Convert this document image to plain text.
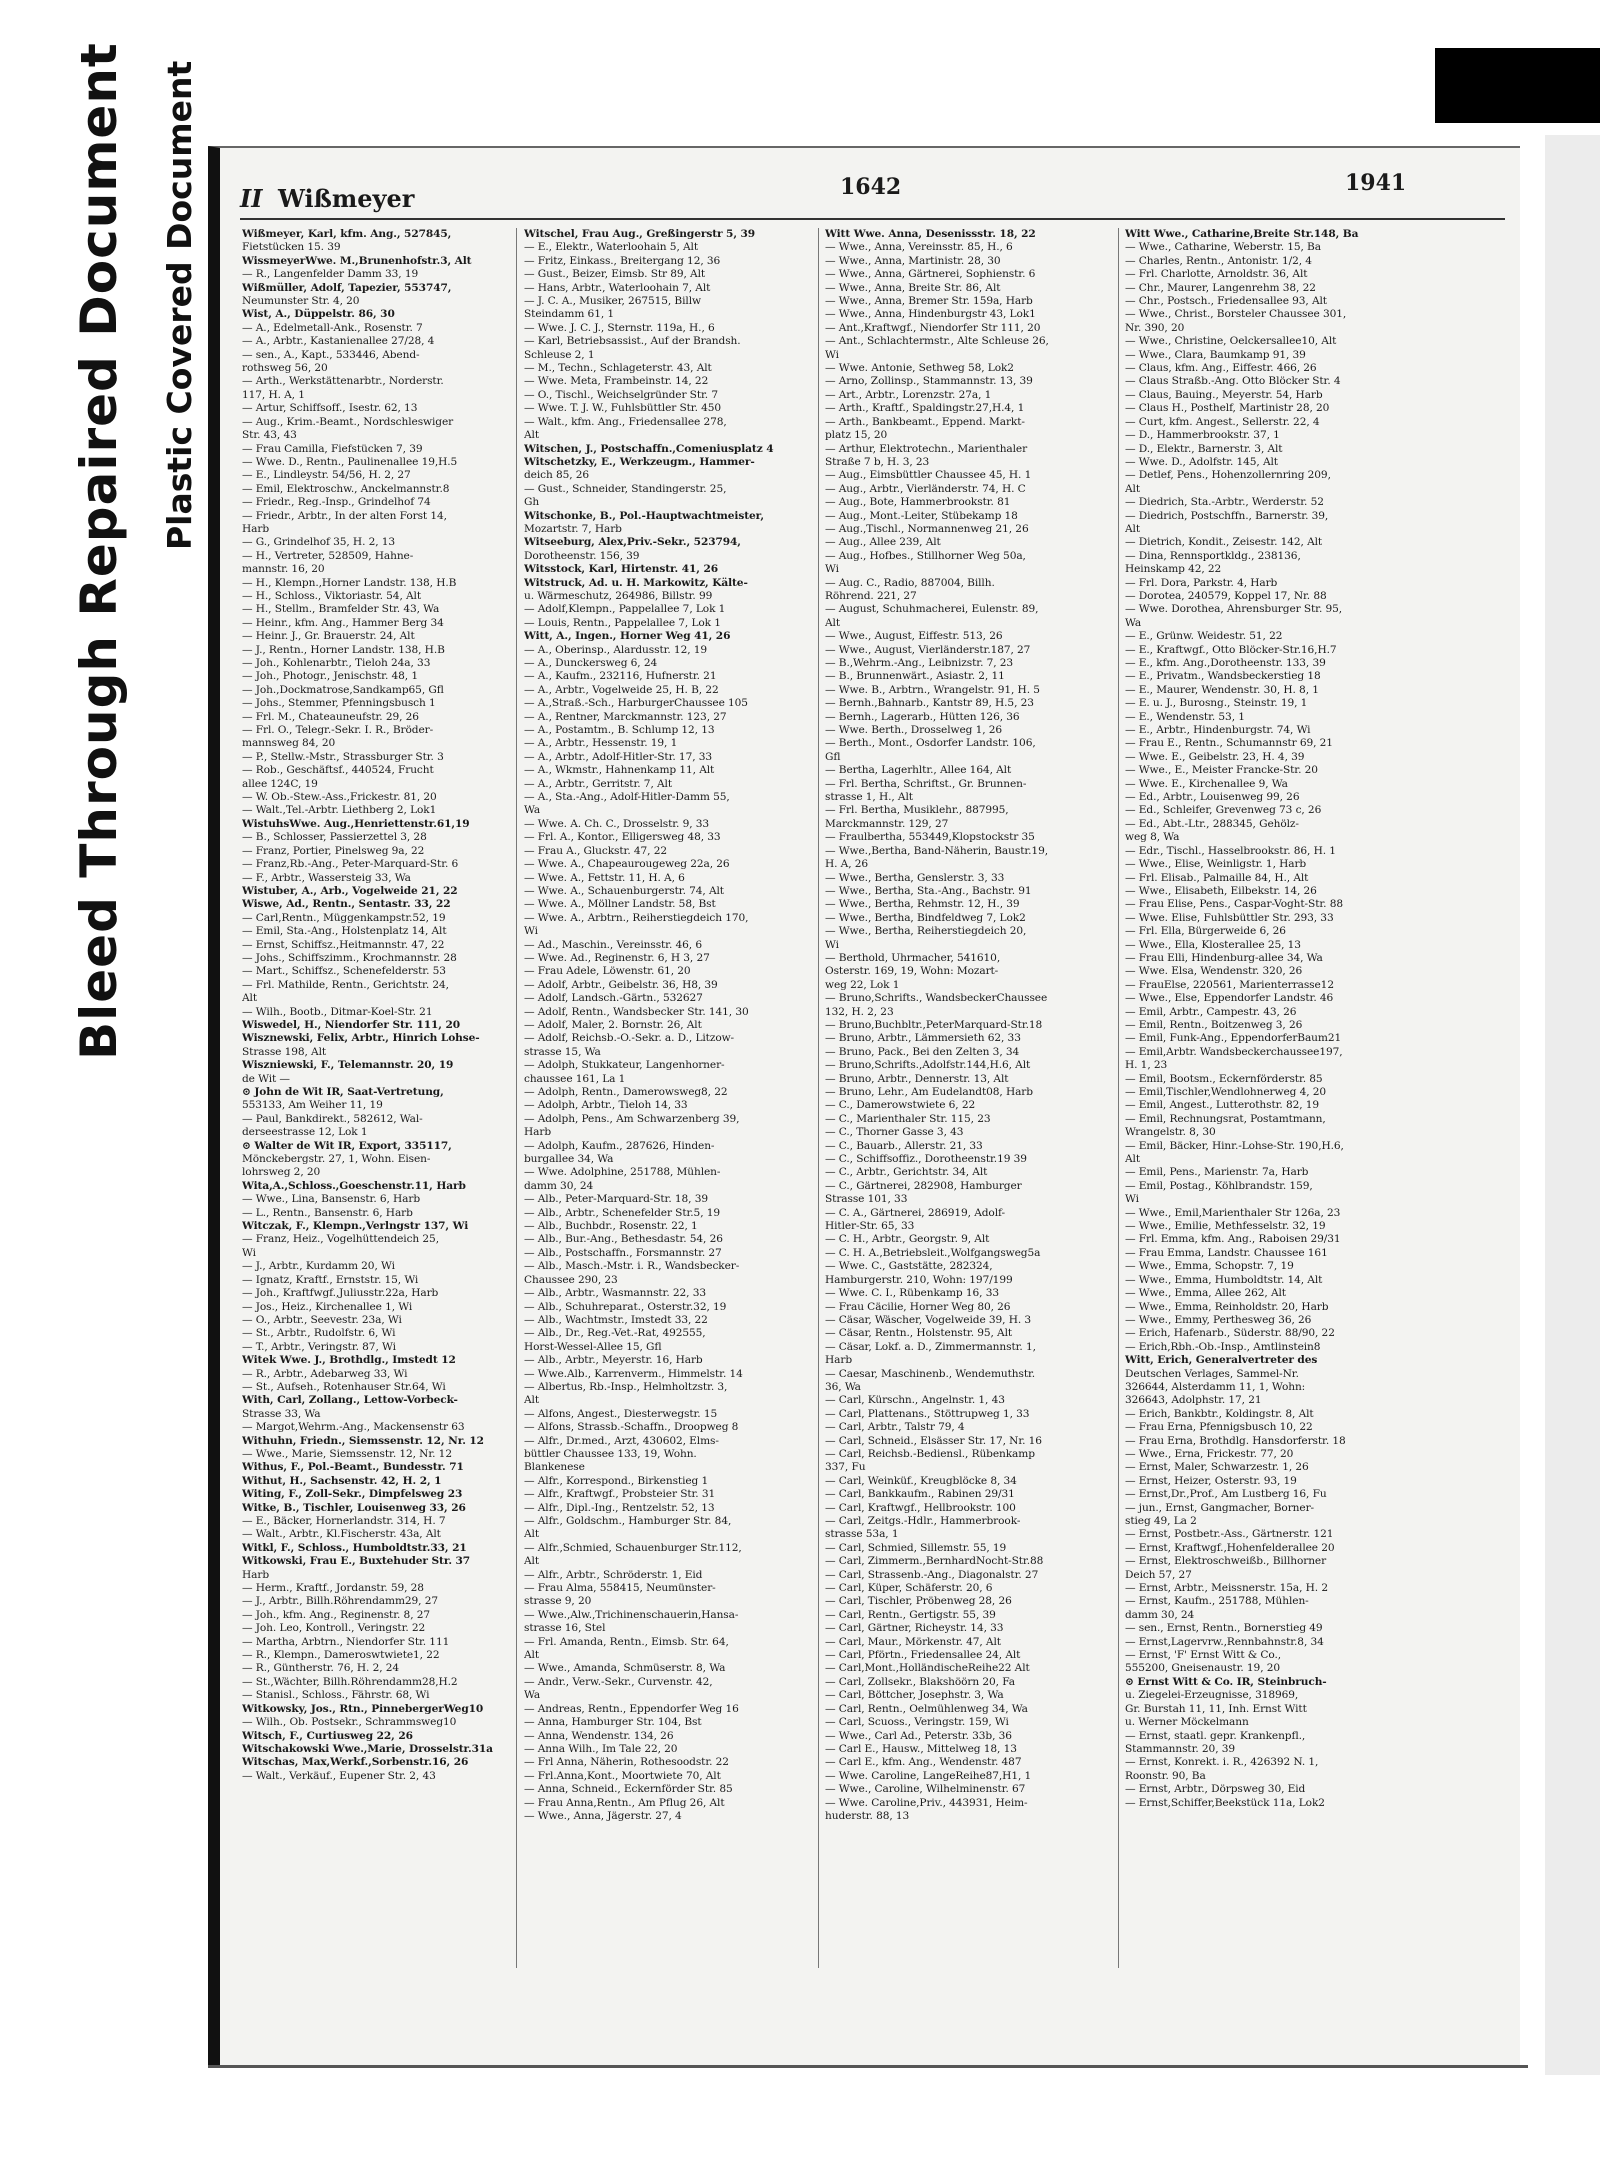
Bleed Through Repaired Document Plastic Covered Document II Wißmeyer	1642	1941
Wißmeyer, Karl, kfm. Ang., 527845,
Fietstücken 15. 39
WissmeyerWwe. M.,Brunenhofstr.3, Alt
— R., Langenfelder Damm 33, 19
Wißmüller, Adolf, Tapezier, 553747,
Neumunster Str. 4, 20
Wist, A., Düppelstr. 86, 30
— A., Edelmetall-Ank., Rosenstr. 7
— A., Arbtr., Kastanienallee 27/28, 4
— sen., A., Kapt., 533446, Abend-
rothsweg 56, 20
— Arth., Werkstättenarbtr., Norderstr.
117, H. A, 1
— Artur, Schiffsoff., Isestr. 62, 13
— Aug., Krim.-Beamt., Nordschleswiger
Str. 43, 43
— Frau Camilla, Fiefstücken 7, 39
— Wwe. D., Rentn., Paulinenallee 19,H.5
— E., Lindleystr. 54/56, H. 2, 27
— Emil, Elektroschw., Anckelmannstr.8
— Friedr., Reg.-Insp., Grindelhof 74
— Friedr., Arbtr., In der alten Forst 14,
Harb
— G., Grindelhof 35, H. 2, 13
— H., Vertreter, 528509, Hahne-
mannstr. 16, 20
— H., Klempn.,Horner Landstr. 138, H.B
— H., Schloss., Viktoriastr. 54, Alt
— H., Stellm., Bramfelder Str. 43, Wa
— Heinr., kfm. Ang., Hammer Berg 34
— Heinr. J., Gr. Brauerstr. 24, Alt
— J., Rentn., Horner Landstr. 138, H.B
— Joh., Kohlenarbtr., Tieloh 24a, 33
— Joh., Photogr., Jenischstr. 48, 1
— Joh.,Dockmatrose,Sandkamp65, Gfl
— Johs., Stemmer, Pfenningsbusch 1
— Frl. M., Chateauneufstr. 29, 26
— Frl. O., Telegr.-Sekr. I. R., Bröder-
mannsweg 84, 20
— P., Stellw.-Mstr., Strassburger Str. 3
— Rob., Geschäftsf., 440524, Frucht
allee 124C, 19
— W. Ob.-Stew.-Ass.,Frickestr. 81, 20
— Walt.,Tel.-Arbtr. Liethberg 2, Lok1
WistuhsWwe. Aug.,Henriettenstr.61,19
— B., Schlosser, Passierzettel 3, 28
— Franz, Portier, Pinelsweg 9a, 22
— Franz,Rb.-Ang., Peter-Marquard-Str. 6
— F., Arbtr., Wassersteig 33, Wa
Wistuber, A., Arb., Vogelweide 21, 22
Wiswe, Ad., Rentn., Sentastr. 33, 22
— Carl,Rentn., Müggenkampstr.52, 19
— Emil, Sta.-Ang., Holstenplatz 14, Alt
— Ernst, Schiffsz.,Heitmannstr. 47, 22
— Johs., Schiffszimm., Krochmannstr. 28
— Mart., Schiffsz., Schenefelderstr. 53
— Frl. Mathilde, Rentn., Gerichtstr. 24,
Alt
— Wilh., Bootb., Ditmar-Koel-Str. 21
Wiswedel, H., Niendorfer Str. 111, 20
Wisznewski, Felix, Arbtr., Hinrich Lohse-
Strasse 198, Alt
Wiszniewski, F., Telemannstr. 20, 19
de Wit —
⊙ John de Wit IR, Saat-Vertretung,
553133, Am Weiher 11, 19
— Paul, Bankdirekt., 582612, Wal-
derseestrasse 12, Lok 1
⊙ Walter de Wit IR, Export, 335117,
Mönckebergstr. 27, 1, Wohn. Eisen-
lohrsweg 2, 20
Wita,A.,Schloss.,Goeschenstr.11, Harb
— Wwe., Lina, Bansenstr. 6, Harb
— L., Rentn., Bansenstr. 6, Harb
Witczak, F., Klempn.,Verlngstr 137, Wi
— Franz, Heiz., Vogelhüttendeich 25,
Wi
— J., Arbtr., Kurdamm 20, Wi
— Ignatz, Kraftf., Ernststr. 15, Wi
— Joh., Kraftfwgf.,Juliusstr.22a, Harb
— Jos., Heiz., Kirchenallee 1, Wi
— O., Arbtr., Seevestr. 23a, Wi
— St., Arbtr., Rudolfstr. 6, Wi
— T., Arbtr., Veringstr. 87, Wi
Witek Wwe. J., Brothdlg., Imstedt 12
— R., Arbtr., Adebarweg 33, Wi
— St., Aufseh., Rotenhauser Str.64, Wi
With, Carl, Zollang., Lettow-Vorbeck-
Strasse 33, Wa
— Margot,Wehrm.-Ang., Mackensenstr 63
Withuhn, Friedn., Siemssenstr. 12, Nr. 12
— Wwe., Marie, Siemssenstr. 12, Nr. 12
Withus, F., Pol.-Beamt., Bundesstr. 71
Withut, H., Sachsenstr. 42, H. 2, 1
Witing, F., Zoll-Sekr., Dimpfelsweg 23
Witke, B., Tischler, Louisenweg 33, 26
— E., Bäcker, Hornerlandstr. 314, H. 7
— Walt., Arbtr., Kl.Fischerstr. 43a, Alt
Witkl, F., Schloss., Humboldtstr.33, 21
Witkowski, Frau E., Buxtehuder Str. 37
Harb
— Herm., Kraftf., Jordanstr. 59, 28
— J., Arbtr., Billh.Röhrendamm29, 27
— Joh., kfm. Ang., Reginenstr. 8, 27
— Joh. Leo, Kontroll., Veringstr. 22
— Martha, Arbtrn., Niendorfer Str. 111
— R., Klempn., Dameroswtwiete1, 22
— R., Güntherstr. 76, H. 2, 24
— St.,Wächter, Billh.Röhrendamm28,H.2
— Stanisl., Schloss., Fährstr. 68, Wi
Witkowsky, Jos., Rtn., PinnebergerWeg10
— Wilh., Ob. Postsekr., Schrammsweg10
Witsch, F., Curtiusweg 22, 26
Witschakowski Wwe.,Marie, Drosselstr.31a
Witschas, Max,Werkf.,Sorbenstr.16, 26
— Walt., Verkäuf., Eupener Str. 2, 43
Witschel, Frau Aug., Greßingerstr 5, 39
— E., Elektr., Waterloohain 5, Alt
— Fritz, Einkass., Breitergang 12, 36
— Gust., Beizer, Eimsb. Str 89, Alt
— Hans, Arbtr., Waterloohain 7, Alt
— J. C. A., Musiker, 267515, Billw
Steindamm 61, 1
— Wwe. J. C. J., Sternstr. 119a, H., 6
— Karl, Betriebsassist., Auf der Brandsh.
Schleuse 2, 1
— M., Techn., Schlageterstr. 43, Alt
— Wwe. Meta, Frambeinstr. 14, 22
— O., Tischl., Weichselgründer Str. 7
— Wwe. T. J. W., Fuhlsbüttler Str. 450
— Walt., kfm. Ang., Friedensallee 278,
Alt
Witschen, J., Postschaffn.,Comeniusplatz 4
Witschetzky, E., Werkzeugm., Hammer-
deich 85, 26
— Gust., Schneider, Standingerstr. 25,
Gh
Witschonke, B., Pol.-Hauptwachtmeister,
Mozartstr. 7, Harb
Witseeburg, Alex,Priv.-Sekr., 523794,
Dorotheenstr. 156, 39
Witsstock, Karl, Hirtenstr. 41, 26
Witstruck, Ad. u. H. Markowitz, Kälte-
u. Wärmeschutz, 264986, Billstr. 99
— Adolf,Klempn., Pappelallee 7, Lok 1
— Louis, Rentn., Pappelallee 7, Lok 1
Witt, A., Ingen., Horner Weg 41, 26
— A., Oberinsp., Alardusstr. 12, 19
— A., Dunckersweg 6, 24
— A., Kaufm., 232116, Hufnerstr. 21
— A., Arbtr., Vogelweide 25, H. B, 22
— A.,Straß.-Sch., HarburgerChaussee 105
— A., Rentner, Marckmannstr. 123, 27
— A., Postamtm., B. Schlump 12, 13
— A., Arbtr., Hessenstr. 19, 1
— A., Arbtr., Adolf-Hitler-Str. 17, 33
— A., Wkmstr., Hahnenkamp 11, Alt
— A., Arbtr., Gerritstr. 7, Alt
— A., Sta.-Ang., Adolf-Hitler-Damm 55,
Wa
— Wwe. A. Ch. C., Drosselstr. 9, 33
— Frl. A., Kontor., Elligersweg 48, 33
— Frau A., Gluckstr. 47, 22
— Wwe. A., Chapeaurougeweg 22a, 26
— Wwe. A., Fettstr. 11, H. A, 6
— Wwe. A., Schauenburgerstr. 74, Alt
— Wwe. A., Möllner Landstr. 58, Bst
— Wwe. A., Arbtrn., Reiherstiegdeich 170,
Wi
— Ad., Maschin., Vereinsstr. 46, 6
— Wwe. Ad., Reginenstr. 6, H 3, 27
— Frau Adele, Löwenstr. 61, 20
— Adolf, Arbtr., Geibelstr. 36, H8, 39
— Adolf, Landsch.-Gärtn., 532627
— Adolf, Rentn., Wandsbecker Str. 141, 30
— Adolf, Maler, 2. Bornstr. 26, Alt
— Adolf, Reichsb.-O.-Sekr. a. D., Litzow-
strasse 15, Wa
— Adolph, Stukkateur, Langenhorner-
chaussee 161, La 1
— Adolph, Rentn., Damerowsweg8, 22
— Adolph, Arbtr., Tieloh 14, 33
— Adolph, Pens., Am Schwarzenberg 39,
Harb
— Adolph, Kaufm., 287626, Hinden-
burgallee 34, Wa
— Wwe. Adolphine, 251788, Mühlen-
damm 30, 24
— Alb., Peter-Marquard-Str. 18, 39
— Alb., Arbtr., Schenefelder Str.5, 19
— Alb., Buchbdr., Rosenstr. 22, 1
— Alb., Bur.-Ang., Bethesdastr. 54, 26
— Alb., Postschaffn., Forsmannstr. 27
— Alb., Masch.-Mstr. i. R., Wandsbecker-
Chaussee 290, 23
— Alb., Arbtr., Wasmannstr. 22, 33
— Alb., Schuhreparat., Osterstr.32, 19
— Alb., Wachtmstr., Imstedt 33, 22
— Alb., Dr., Reg.-Vet.-Rat, 492555,
Horst-Wessel-Allee 15, Gfl
— Alb., Arbtr., Meyerstr. 16, Harb
— Wwe.Alb., Karrenverm., Himmelstr. 14
— Albertus, Rb.-Insp., Helmholtzstr. 3,
Alt
— Alfons, Angest., Diesterwegstr. 15
— Alfons, Strassb.-Schaffn., Droopweg 8
— Alfr., Dr.med., Arzt, 430602, Elms-
büttler Chaussee 133, 19, Wohn.
Blankenese
— Alfr., Korrespond., Birkenstieg 1
— Alfr., Kraftwgf., Probsteier Str. 31
— Alfr., Dipl.-Ing., Rentzelstr. 52, 13
— Alfr., Goldschm., Hamburger Str. 84,
Alt
— Alfr.,Schmied, Schauenburger Str.112,
Alt
— Alfr., Arbtr., Schröderstr. 1, Eid
— Frau Alma, 558415, Neumünster-
strasse 9, 20
— Wwe.,Alw.,Trichinenschauerin,Hansa-
strasse 16, Stel
— Frl. Amanda, Rentn., Eimsb. Str. 64,
Alt
— Wwe., Amanda, Schmüserstr. 8, Wa
— Andr., Verw.-Sekr., Curvenstr. 42,
Wa
— Andreas, Rentn., Eppendorfer Weg 16
— Anna, Hamburger Str. 104, Bst
— Anna, Wendenstr. 134, 26
— Anna Wilh., Im Tale 22, 20
— Frl Anna, Näherin, Rothesoodstr. 22
— Frl.Anna,Kont., Moortwiete 70, Alt
— Anna, Schneid., Eckernförder Str. 85
— Frau Anna,Rentn., Am Pflug 26, Alt
— Wwe., Anna, Jägerstr. 27, 4
Witt Wwe. Anna, Desenissstr. 18, 22
— Wwe., Anna, Vereinsstr. 85, H., 6
— Wwe., Anna, Martinistr. 28, 30
— Wwe., Anna, Gärtnerei, Sophienstr. 6
— Wwe., Anna, Breite Str. 86, Alt
— Wwe., Anna, Bremer Str. 159a, Harb
— Wwe., Anna, Hindenburgstr 43, Lok1
— Ant.,Kraftwgf., Niendorfer Str 111, 20
— Ant., Schlachtermstr., Alte Schleuse 26,
Wi
— Wwe. Antonie, Sethweg 58, Lok2
— Arno, Zollinsp., Stammannstr. 13, 39
— Art., Arbtr., Lorenzstr. 27a, 1
— Arth., Kraftf., Spaldingstr.27,H.4, 1
— Arth., Bankbeamt., Eppend. Markt-
platz 15, 20
— Arthur, Elektrotechn., Marienthaler
Straße 7 b, H. 3, 23
— Aug., Eimsbüttler Chaussee 45, H. 1
— Aug., Arbtr., Vierländerstr. 74, H. C
— Aug., Bote, Hammerbrookstr. 81
— Aug., Mont.-Leiter, Stübekamp 18
— Aug.,Tischl., Normannenweg 21, 26
— Aug., Allee 239, Alt
— Aug., Hofbes., Stillhorner Weg 50a,
Wi
— Aug. C., Radio, 887004, Billh.
Röhrend. 221, 27
— August, Schuhmacherei, Eulenstr. 89,
Alt
— Wwe., August, Eiffestr. 513, 26
— Wwe., August, Vierländerstr.187, 27
— B.,Wehrm.-Ang., Leibnizstr. 7, 23
— B., Brunnenwärt., Asiastr. 2, 11
— Wwe. B., Arbtrn., Wrangelstr. 91, H. 5
— Bernh.,Bahnarb., Kantstr 89, H.5, 23
— Bernh., Lagerarb., Hütten 126, 36
— Wwe. Berth., Drosselweg 1, 26
— Berth., Mont., Osdorfer Landstr. 106,
Gfl
— Bertha, Lagerhltr., Allee 164, Alt
— Frl. Bertha, Schriftst., Gr. Brunnen-
strasse 1, H., Alt
— Frl. Bertha, Musiklehr., 887995,
Marckmannstr. 129, 27
— Fraulbertha, 553449,Klopstockstr 35
— Wwe.,Bertha, Band-Näherin, Baustr.19,
H. A, 26
— Wwe., Bertha, Genslerstr. 3, 33
— Wwe., Bertha, Sta.-Ang., Bachstr. 91
— Wwe., Bertha, Rehmstr. 12, H., 39
— Wwe., Bertha, Bindfeldweg 7, Lok2
— Wwe., Bertha, Reiherstiegdeich 20,
Wi
— Berthold, Uhrmacher, 541610,
Osterstr. 169, 19, Wohn: Mozart-
weg 22, Lok 1
— Bruno,Schrifts., WandsbeckerChaussee
132, H. 2, 23
— Bruno,Buchbltr.,PeterMarquard-Str.18
— Bruno, Arbtr., Lämmersieth 62, 33
— Bruno, Pack., Bei den Zelten 3, 34
— Bruno,Schrifts.,Adolfstr.144,H.6, Alt
— Bruno, Arbtr., Dennerstr. 13, Alt
— Bruno, Lehr., Am Eudelandt08, Harb
— C., Damerowstwiete 6, 22
— C., Marienthaler Str. 115, 23
— C., Thorner Gasse 3, 43
— C., Bauarb., Allerstr. 21, 33
— C., Schiffsoffiz., Dorotheenstr.19 39
— C., Arbtr., Gerichtstr. 34, Alt
— C., Gärtnerei, 282908, Hamburger
Strasse 101, 33
— C. A., Gärtnerei, 286919, Adolf-
Hitler-Str. 65, 33
— C. H., Arbtr., Georgstr. 9, Alt
— C. H. A.,Betriebsleit.,Wolfgangsweg5a
— Wwe. C., Gaststätte, 282324,
Hamburgerstr. 210, Wohn: 197/199
— Wwe. C. I., Rübenkamp 16, 33
— Frau Cäcilie, Horner Weg 80, 26
— Cäsar, Wäscher, Vogelweide 39, H. 3
— Cäsar, Rentn., Holstenstr. 95, Alt
— Cäsar, Lokf. a. D., Zimmermannstr. 1,
Harb
— Caesar, Maschinenb., Wendemuthstr.
36, Wa
— Carl, Kürschn., Angelnstr. 1, 43
— Carl, Plattenans., Stöttrupweg 1, 33
— Carl, Arbtr., Talstr 79, 4
— Carl, Schneid., Elsässer Str. 17, Nr. 16
— Carl, Reichsb.-Bediensl., Rübenkamp
337, Fu
— Carl, Weinküf., Kreugblöcke 8, 34
— Carl, Bankkaufm., Rabinen 29/31
— Carl, Kraftwgf., Hellbrookstr. 100
— Carl, Zeitgs.-Hdlr., Hammerbrook-
strasse 53a, 1
— Carl, Schmied, Sillemstr. 55, 19
— Carl, Zimmerm.,BernhardNocht-Str.88
— Carl, Strassenb.-Ang., Diagonalstr. 27
— Carl, Küper, Schäferstr. 20, 6
— Carl, Tischler, Pröbenweg 28, 26
— Carl, Rentn., Gertigstr. 55, 39
— Carl, Gärtner, Richeystr. 14, 33
— Carl, Maur., Mörkenstr. 47, Alt
— Carl, Pförtn., Friedensallee 24, Alt
— Carl,Mont.,HolländischeReihe22 Alt
— Carl, Zollsekr., Blakshöörn 20, Fa
— Carl, Böttcher, Josephstr. 3, Wa
— Carl, Rentn., Oelmühlenweg 34, Wa
— Carl, Scuoss., Veringstr. 159, Wi
— Wwe., Carl Ad., Peterstr. 33b, 36
— Carl E., Hausw., Mittelweg 18, 13
— Carl E., kfm. Ang., Wendenstr. 487
— Wwe. Caroline, LangeReihe87,H1, 1
— Wwe., Caroline, Wilhelminenstr. 67
— Wwe. Caroline,Priv., 443931, Heim-
huderstr. 88, 13
Witt Wwe., Catharine,Breite Str.148, Ba
— Wwe., Catharine, Weberstr. 15, Ba
— Charles, Rentn., Antonistr. 1/2, 4
— Frl. Charlotte, Arnoldstr. 36, Alt
— Chr., Maurer, Langenrehm 38, 22
— Chr., Postsch., Friedensallee 93, Alt
— Wwe., Christ., Borsteler Chaussee 301,
Nr. 390, 20
— Wwe., Christine, Oelckersallee10, Alt
— Wwe., Clara, Baumkamp 91, 39
— Claus, kfm. Ang., Eiffestr. 466, 26
— Claus Straßb.-Ang. Otto Blöcker Str. 4
— Claus, Bauing., Meyerstr. 54, Harb
— Claus H., Posthelf, Martinistr 28, 20
— Curt, kfm. Angest., Sellerstr. 22, 4
— D., Hammerbrookstr. 37, 1
— D., Elektr., Barnerstr. 3, Alt
— Wwe. D., Adolfstr. 145, Alt
— Detlef, Pens., Hohenzollernring 209,
Alt
— Diedrich, Sta.-Arbtr., Werderstr. 52
— Diedrich, Postschffn., Barnerstr. 39,
Alt
— Dietrich, Kondit., Zeisestr. 142, Alt
— Dina, Rennsportkldg., 238136,
Heinskamp 42, 22
— Frl. Dora, Parkstr. 4, Harb
— Dorotea, 240579, Koppel 17, Nr. 88
— Wwe. Dorothea, Ahrensburger Str. 95,
Wa
— E., Grünw. Weidestr. 51, 22
— E., Kraftwgf., Otto Blöcker-Str.16,H.7
— E., kfm. Ang.,Dorotheenstr. 133, 39
— E., Privatm., Wandsbeckerstieg 18
— E., Maurer, Wendenstr. 30, H. 8, 1
— E. u. J., Burosng., Steinstr. 19, 1
— E., Wendenstr. 53, 1
— E., Arbtr., Hindenburgstr. 74, Wi
— Frau E., Rentn., Schumannstr 69, 21
— Wwe. E., Geibelstr. 23, H. 4, 39
— Wwe., E., Meister Francke-Str. 20
— Wwe. E., Kirchenallee 9, Wa
— Ed., Arbtr., Louisenweg 99, 26
— Ed., Schleifer, Grevenweg 73 c, 26
— Ed., Abt.-Ltr., 288345, Gehölz-
weg 8, Wa
— Edr., Tischl., Hasselbrookstr. 86, H. 1
— Wwe., Elise, Weinligstr. 1, Harb
— Frl. Elisab., Palmaille 84, H., Alt
— Wwe., Elisabeth, Eilbekstr. 14, 26
— Frau Elise, Pens., Caspar-Voght-Str. 88
— Wwe. Elise, Fuhlsbüttler Str. 293, 33
— Frl. Ella, Bürgerweide 6, 26
— Wwe., Ella, Klosterallee 25, 13
— Frau Elli, Hindenburg-allee 34, Wa
— Wwe. Elsa, Wendenstr. 320, 26
— FrauElse, 220561, Marienterrasse12
— Wwe., Else, Eppendorfer Landstr. 46
— Emil, Arbtr., Campestr. 43, 26
— Emil, Rentn., Boitzenweg 3, 26
— Emil, Funk-Ang., EppendorferBaum21
— Emil,Arbtr. Wandsbeckerchaussee197,
H. 1, 23
— Emil, Bootsm., Eckernförderstr. 85
— Emil,Tischler,Wendlohnerweg 4, 20
— Emil, Angest., Lutterothstr. 82, 19
— Emil, Rechnungsrat, Postamtmann,
Wrangelstr. 8, 30
— Emil, Bäcker, Hinr.-Lohse-Str. 190,H.6,
Alt
— Emil, Pens., Marienstr. 7a, Harb
— Emil, Postag., Köhlbrandstr. 159,
Wi
— Wwe., Emil,Marienthaler Str 126a, 23
— Wwe., Emilie, Methfesselstr. 32, 19
— Frl. Emma, kfm. Ang., Raboisen 29/31
— Frau Emma, Landstr. Chaussee 161
— Wwe., Emma, Schopstr. 7, 19
— Wwe., Emma, Humboldtstr. 14, Alt
— Wwe., Emma, Allee 262, Alt
— Wwe., Emma, Reinholdstr. 20, Harb
— Wwe., Emmy, Perthesweg 36, 26
— Erich, Hafenarb., Süderstr. 88/90, 22
— Erich,Rbh.-Ob.-Insp., Amtlinstein8
Witt, Erich, Generalvertreter des
Deutschen Verlages, Sammel-Nr.
326644, Alsterdamm 11, 1, Wohn:
326643, Adolphstr. 17, 21
— Erich, Bankbtr., Koldingstr. 8, Alt
— Frau Erna, Pfennigsbusch 10, 22
— Frau Erna, Brothdlg. Hansdorferstr. 18
— Wwe., Erna, Frickestr. 77, 20
— Ernst, Maler, Schwarzestr. 1, 26
— Ernst, Heizer, Osterstr. 93, 19
— Ernst,Dr.,Prof., Am Lustberg 16, Fu
— jun., Ernst, Gangmacher, Borner-
stieg 49, La 2
— Ernst, Postbetr.-Ass., Gärtnerstr. 121
— Ernst, Kraftwgf.,Hohenfelderallee 20
— Ernst, Elektroschweißb., Billhorner
Deich 57, 27
— Ernst, Arbtr., Meissnerstr. 15a, H. 2
— Ernst, Kaufm., 251788, Mühlen-
damm 30, 24
— sen., Ernst, Rentn., Bornerstieg 49
— Ernst,Lagervrw.,Rennbahnstr.8, 34
— Ernst, 'F' Ernst Witt & Co.,
555200, Gneisenaustr. 19, 20
⊙ Ernst Witt & Co. IR, Steinbruch-
u. Ziegelei-Erzeugnisse, 318969,
Gr. Burstah 11, 11, Inh. Ernst Witt
u. Werner Möckelmann
— Ernst, staatl. gepr. Krankenpfl.,
Stammannstr. 20, 39
— Ernst, Konrekt. i. R., 426392 N. 1,
Roonstr. 90, Ba
— Ernst, Arbtr., Dörpsweg 30, Eid
— Ernst,Schiffer,Beekstück 11a, Lok2
